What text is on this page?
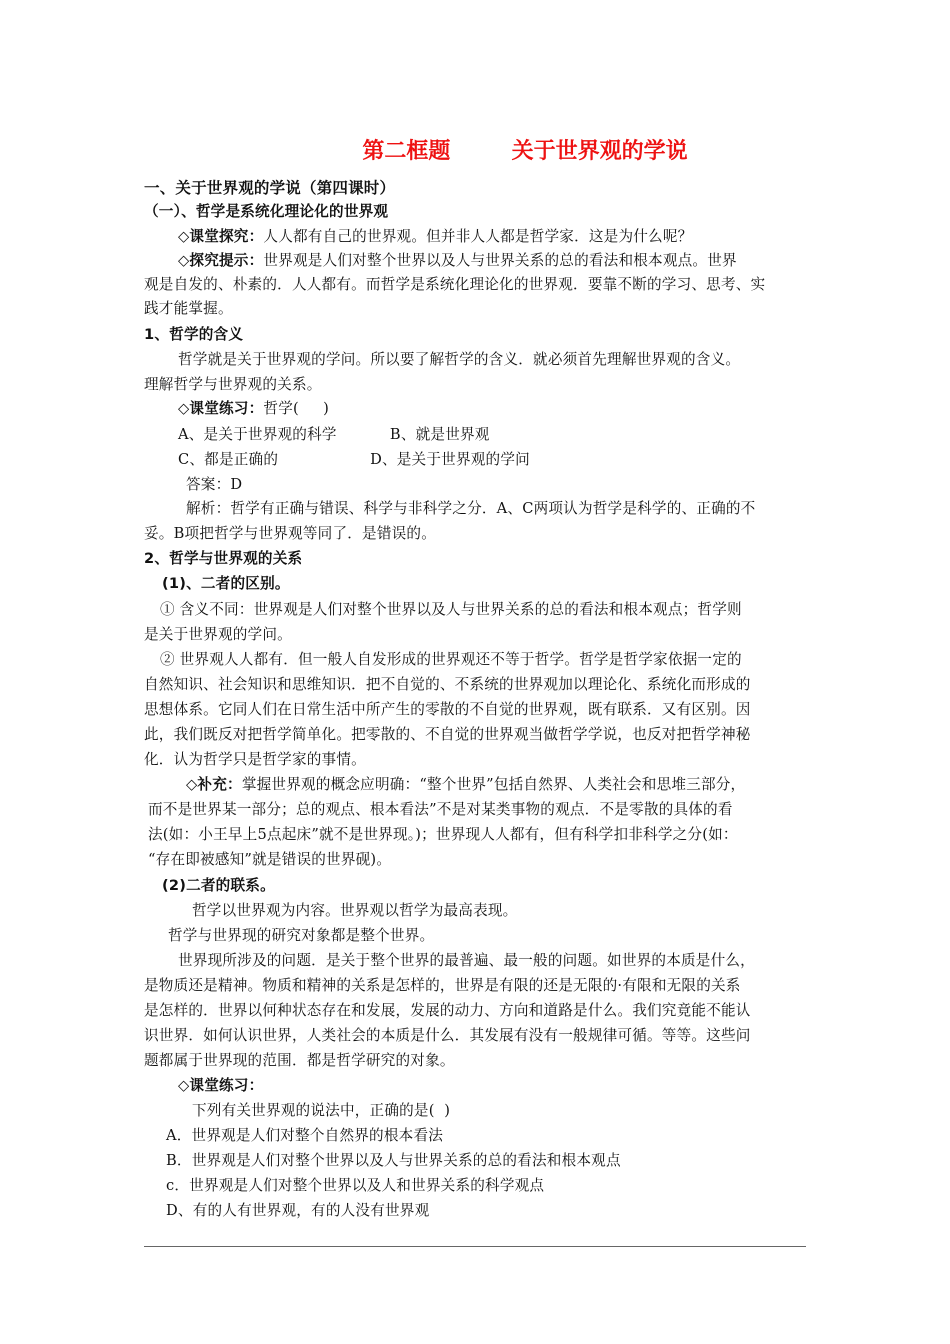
第二框题        关于世界观的学说
一、关于世界观的学说（第四课时）
（一）、哲学是系统化理论化的世界观
◇课堂探究：人人都有自己的世界观。但并非人人都是哲学家．这是为什么呢？
◇探究提示：世界观是人们对整个世界以及人与世界关系的总的看法和根本观点。世界
观是自发的、朴素的．人人都有。而哲学是系统化理论化的世界观．要靠不断的学习、思考、实
践才能掌握。
1、哲学的含义
哲学就是关于世界观的学问。所以要了解哲学的含义．就必须首先理解世界观的含义。
理解哲学与世界观的关系。
◇课堂练习：哲学(     )
A、是关于世界观的科学           B、就是世界观
C、都是正确的                   D、是关于世界观的学问
答案：D
解析：哲学有正确与错误、科学与非科学之分．A、C两项认为哲学是科学的、正确的不
妥。B项把哲学与世界观等同了．是错误的。
2、哲学与世界观的关系
(1)、二者的区别。
① 含义不同：世界观是人们对整个世界以及人与世界关系的总的看法和根本观点；哲学则
是关于世界观的学问。
② 世界观人人都有．但一般人自发形成的世界观还不等于哲学。哲学是哲学家依据一定的
自然知识、社会知识和思维知识．把不自觉的、不系统的世界观加以理论化、系统化而形成的
思想体系。它同人们在日常生活中所产生的零散的不自觉的世界观，既有联系．又有区别。因
此，我们既反对把哲学简单化。把零散的、不自觉的世界观当做哲学学说，也反对把哲学神秘
化．认为哲学只是哲学家的事情。
◇补充：掌握世界观的概念应明确：“整个世界”包括自然界、人类社会和思堆三部分，
而不是世界某一部分；总的观点、根本看法”不是对某类事物的观点．不是零散的具体的看
法(如：小王早上5点起床”就不是世界现。)；世界现人人都有，但有科学扣非科学之分(如：
“存在即被感知”就是错误的世界砚)。
(2)二者的联系。
哲学以世界观为内容。世界观以哲学为最高表现。
哲学与世界现的研究对象都是整个世界。
世界现所涉及的问题．是关于整个世界的最普遍、最一般的问题。如世界的本质是什么，
是物质还是精神。物质和精神的关系是怎样的，世界是有限的还是无限的·有限和无限的关系
是怎样的．世界以何种状态存在和发展，发展的动力、方向和道路是什么。我们究竟能不能认
识世界．如何认识世界，人类社会的本质是什么．其发展有没有一般规律可循。等等。这些问
题都属于世界现的范围．都是哲学研究的对象。
◇课堂练习：
下列有关世界观的说法中，正确的是(  )
A．世界观是人们对整个自然界的根本看法
B．世界观是人们对整个世界以及人与世界关系的总的看法和根本观点
c．世界观是人们对整个世界以及人和世界关系的科学观点
D、有的人有世界观，有的人没有世界观
